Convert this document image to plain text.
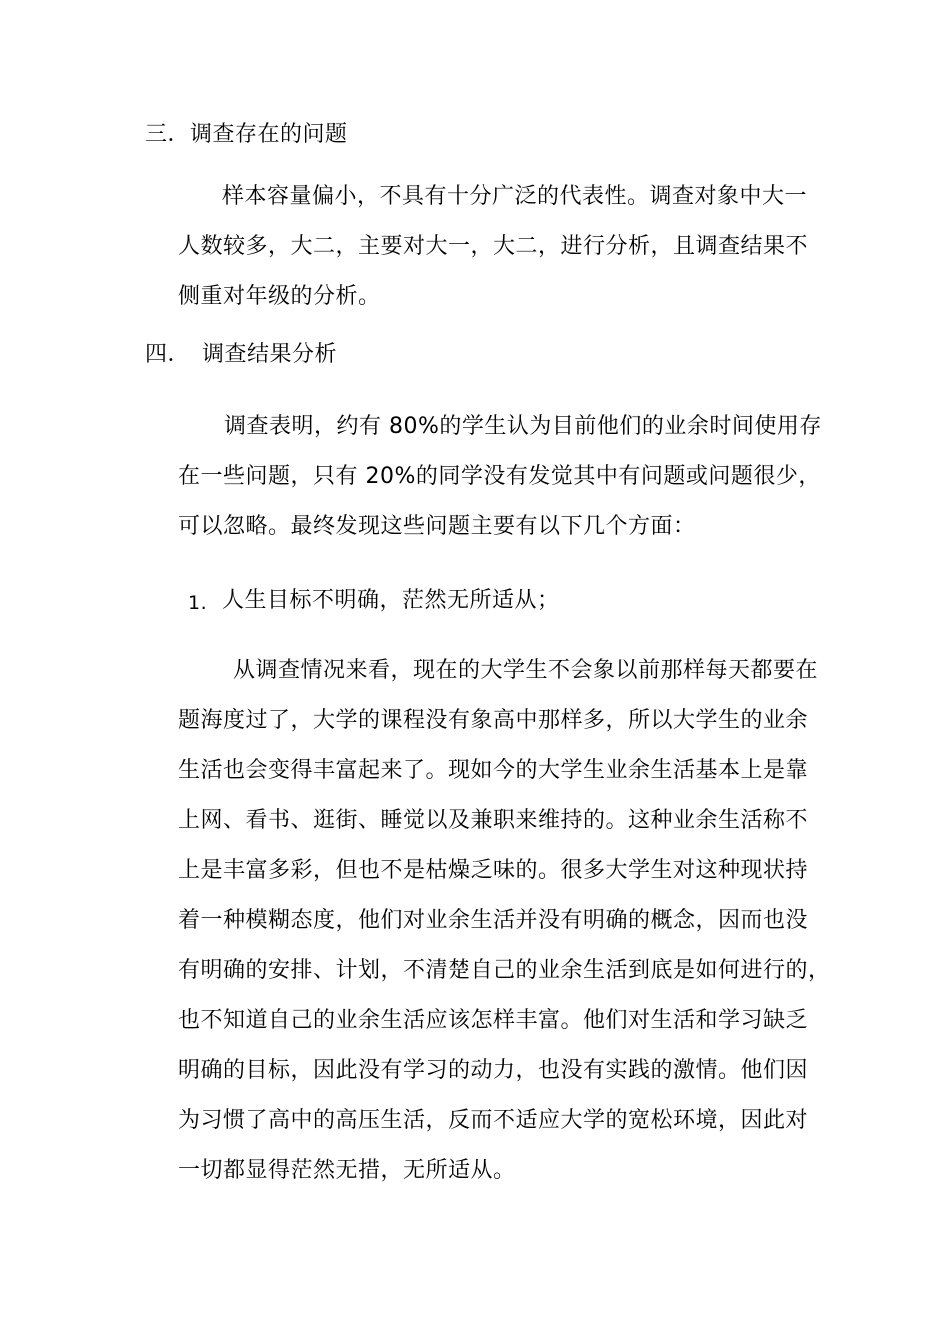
三．调查存在的问题
样本容量偏小，不具有十分广泛的代表性。调查对象中大一
人数较多，大二，主要对大一，大二，进行分析，且调查结果不
侧重对年级的分析。
四． 调查结果分析
调查表明，约有 80%的学生认为目前他们的业余时间使用存
在一些问题，只有 20%的同学没有发觉其中有问题或问题很少，
可以忽略。最终发现这些问题主要有以下几个方面：
1. 人生目标不明确，茫然无所适从；
从调查情况来看，现在的大学生不会象以前那样每天都要在
题海度过了，大学的课程没有象高中那样多，所以大学生的业余
生活也会变得丰富起来了。现如今的大学生业余生活基本上是靠
上网、看书、逛街、睡觉以及兼职来维持的。这种业余生活称不
上是丰富多彩，但也不是枯燥乏味的。很多大学生对这种现状持
着一种模糊态度，他们对业余生活并没有明确的概念，因而也没
有明确的安排、计划，不清楚自己的业余生活到底是如何进行的，
也不知道自己的业余生活应该怎样丰富。他们对生活和学习缺乏
明确的目标，因此没有学习的动力，也没有实践的激情。他们因
为习惯了高中的高压生活，反而不适应大学的宽松环境，因此对
一切都显得茫然无措，无所适从。
